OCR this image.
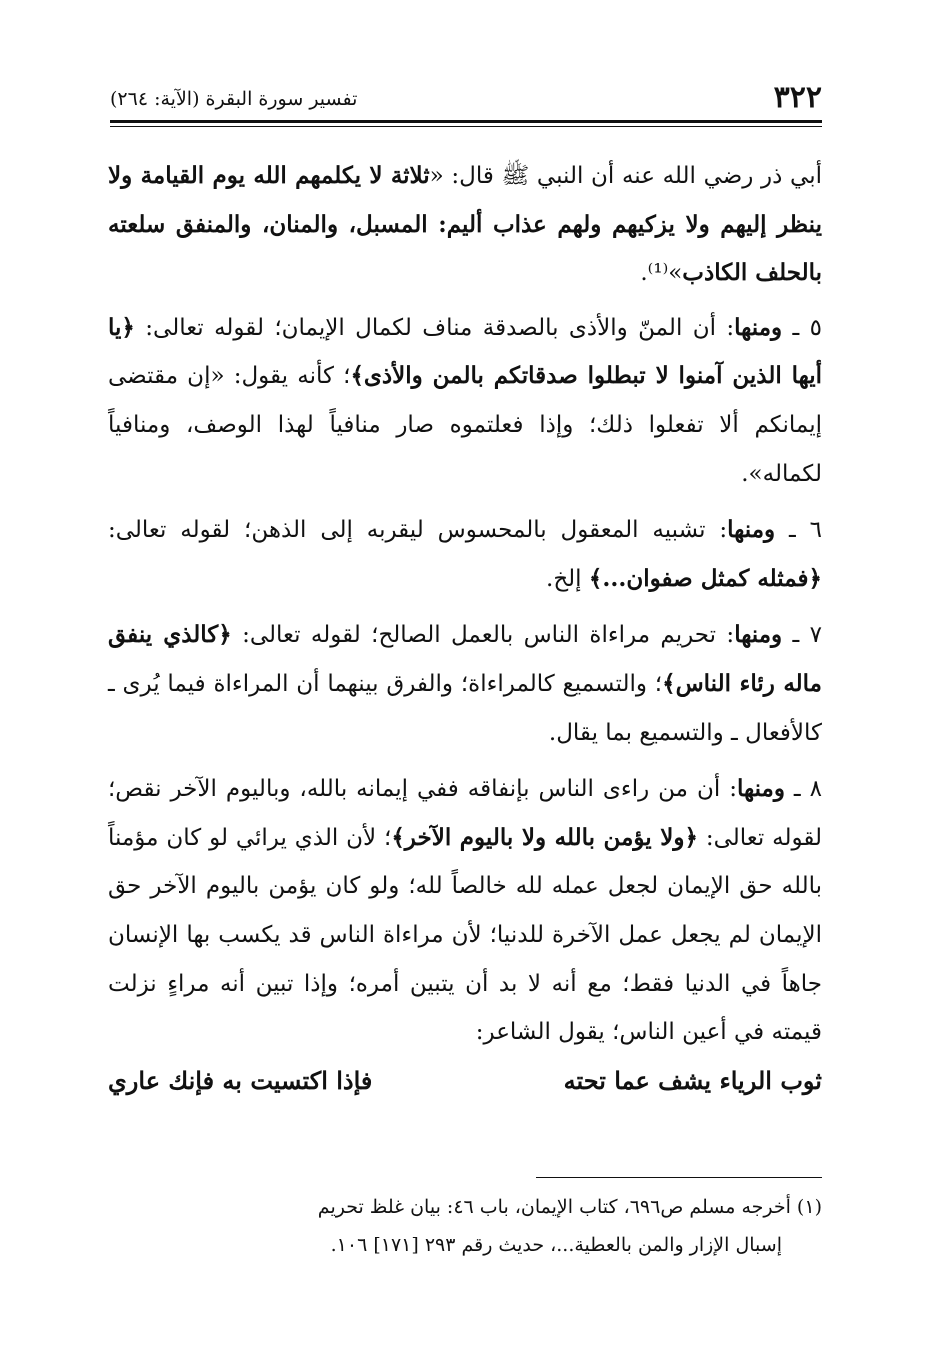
٣٢٢
تفسير سورة البقرة (الآية: ٢٦٤)

أبي ذر رضي الله عنه أن النبي ﷺ قال: «ثلاثة لا يكلمهم الله يوم القيامة ولا ينظر إليهم ولا يزكيهم ولهم عذاب أليم: المسبل، والمنان، والمنفق سلعته بالحلف الكاذب»⁽¹⁾.

٥ ـ ومنها: أن المنّ والأذى بالصدقة مناف لكمال الإيمان؛ لقوله تعالى: ﴿يا أيها الذين آمنوا لا تبطلوا صدقاتكم بالمن والأذى﴾؛ كأنه يقول: «إن مقتضى إيمانكم ألا تفعلوا ذلك؛ وإذا فعلتموه صار منافياً لهذا الوصف، ومنافياً لكماله».

٦ ـ ومنها: تشبيه المعقول بالمحسوس ليقربه إلى الذهن؛ لقوله تعالى: ﴿فمثله كمثل صفوان...﴾ إلخ.

٧ ـ ومنها: تحريم مراءاة الناس بالعمل الصالح؛ لقوله تعالى: ﴿كالذي ينفق ماله رئاء الناس﴾؛ والتسميع كالمراءاة؛ والفرق بينهما أن المراءاة فيما يُرى ـ كالأفعال ـ والتسميع بما يقال.

٨ ـ ومنها: أن من راءى الناس بإنفاقه ففي إيمانه بالله، وباليوم الآخر نقص؛ لقوله تعالى: ﴿ولا يؤمن بالله ولا باليوم الآخر﴾؛ لأن الذي يرائي لو كان مؤمناً بالله حق الإيمان لجعل عمله لله خالصاً لله؛ ولو كان يؤمن باليوم الآخر حق الإيمان لم يجعل عمل الآخرة للدنيا؛ لأن مراءاة الناس قد يكسب بها الإنسان جاهاً في الدنيا فقط؛ مع أنه لا بد أن يتبين أمره؛ وإذا تبين أنه مراءٍ نزلت قيمته في أعين الناس؛ يقول الشاعر:

ثوب الرياء يشف عما تحته
فإذا اكتسيت به فإنك عاري

(١) أخرجه مسلم ص٦٩٦، كتاب الإيمان، باب ٤٦: بيان غلظ تحريم

إسبال الإزار والمن بالعطية...، حديث رقم ٢٩٣ [١٧١] ١٠٦.
